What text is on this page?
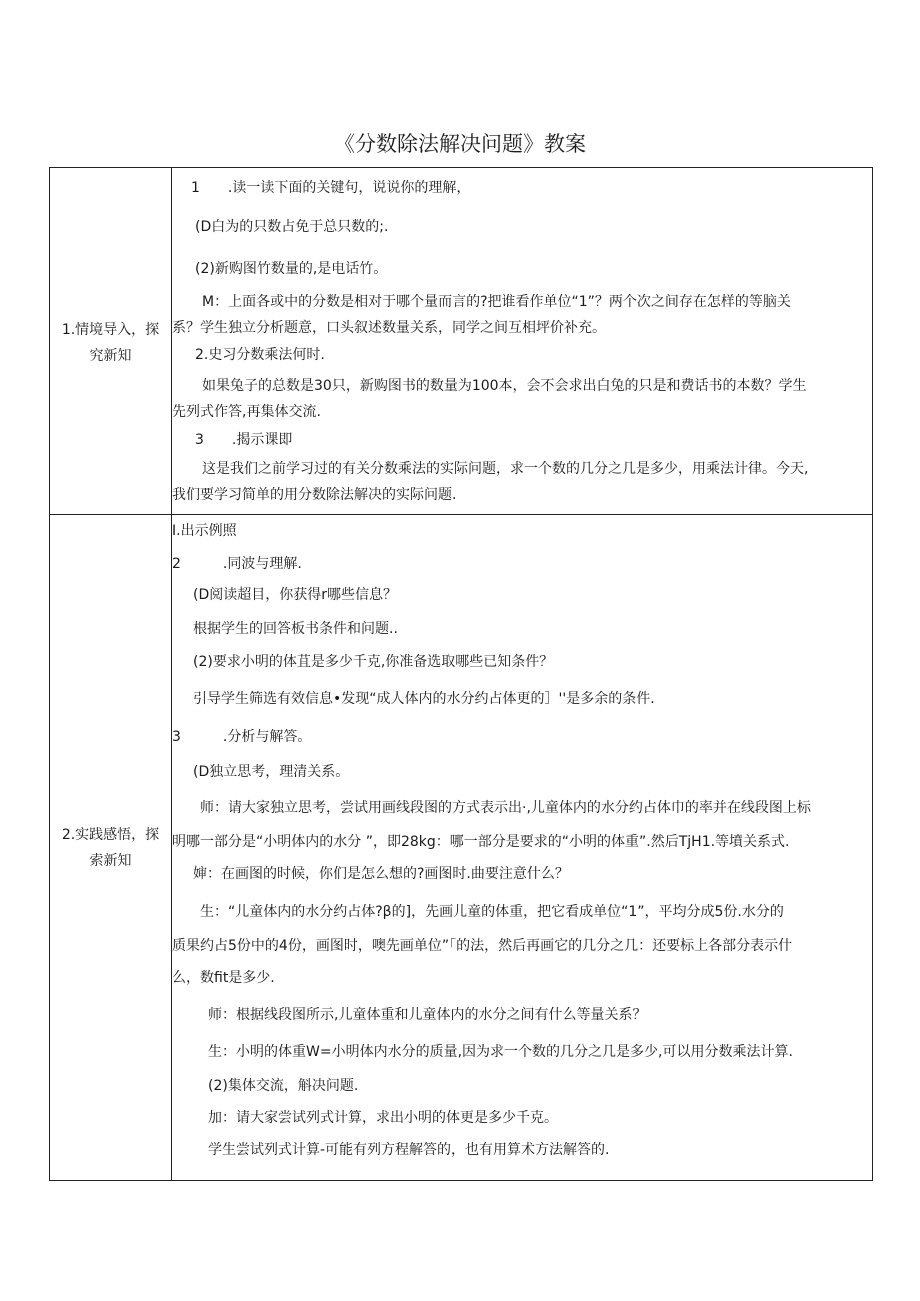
《分数除法解决问题》教案
1.情境导入，探
究新知
1　　.读一读下面的关键句，说说你的理解，
(D白为的只数占免于总只数的;.
(2)新购图竹数量的,是电话竹。
M：上面各或中的分数是相对于哪个量而言的?把谁看作单位“1”？两个次之间存在怎样的等脑关
系？学生独立分析题意，口头叙述数量关系，同学之间互相坪价补充。
2.史习分数乘法何时.
如果兔子的总数是30只，新购图书的数量为100本，会不会求出白兔的只是和费话书的本数？学生
先列式作答,再集体交流.
3　　.揭示课即
这是我们之前学习过的有关分数乘法的实际问题，求一个数的几分之几是多少，用乘法计律。今天,
我们要学习简单的用分数除法解决的实际问题.
2.实践感悟，探
索新知
I.出示例照
2　　　.同波与理解.
(D阅读超目，你获得r哪些信息？
根据学生的回答板书条件和问题..
(2)要求小明的体苴是多少千克,你准备选取哪些已知条件？
引导学生筛选有效信息•发现“成人体内的水分约占体更的］''是多余的条件.
3　　　.分析与解答。
(D独立思考，理清关系。
师：请大家独立思考，尝试用画线段图的方式表示出·,儿童体内的水分约占体巾的率并在线段图上标
明哪一部分是“小明体内的水分 ”，即28kg：哪一部分是要求的“小明的体重”.然后TjH1.等墳关系式.
婶：在画图的时候，你们是怎么想的?画图时.曲要注意什么？
生：“儿童体内的水分约占体?β的]，先画儿童的体重，把它看成单位“1”，平均分成5份.水分的
质果约占5份中的4份，画图时，噢先画单位”「的法，然后再画它的几分之几：还要标上各部分表示什
么，数fit是多少.
师：根据线段图所示,儿童体重和儿童体内的水分之间有什么等量关系？
生：小明的体重W=小明体内水分的质量,因为求一个数的几分之几是多少,可以用分数乘法计算.
(2)集体交流，斛决问题.
加：请大家尝试列式计算，求出小明的体更是多少千克。
学生尝试列式计算-可能有列方程解答的，也有用算术方法解答的.
